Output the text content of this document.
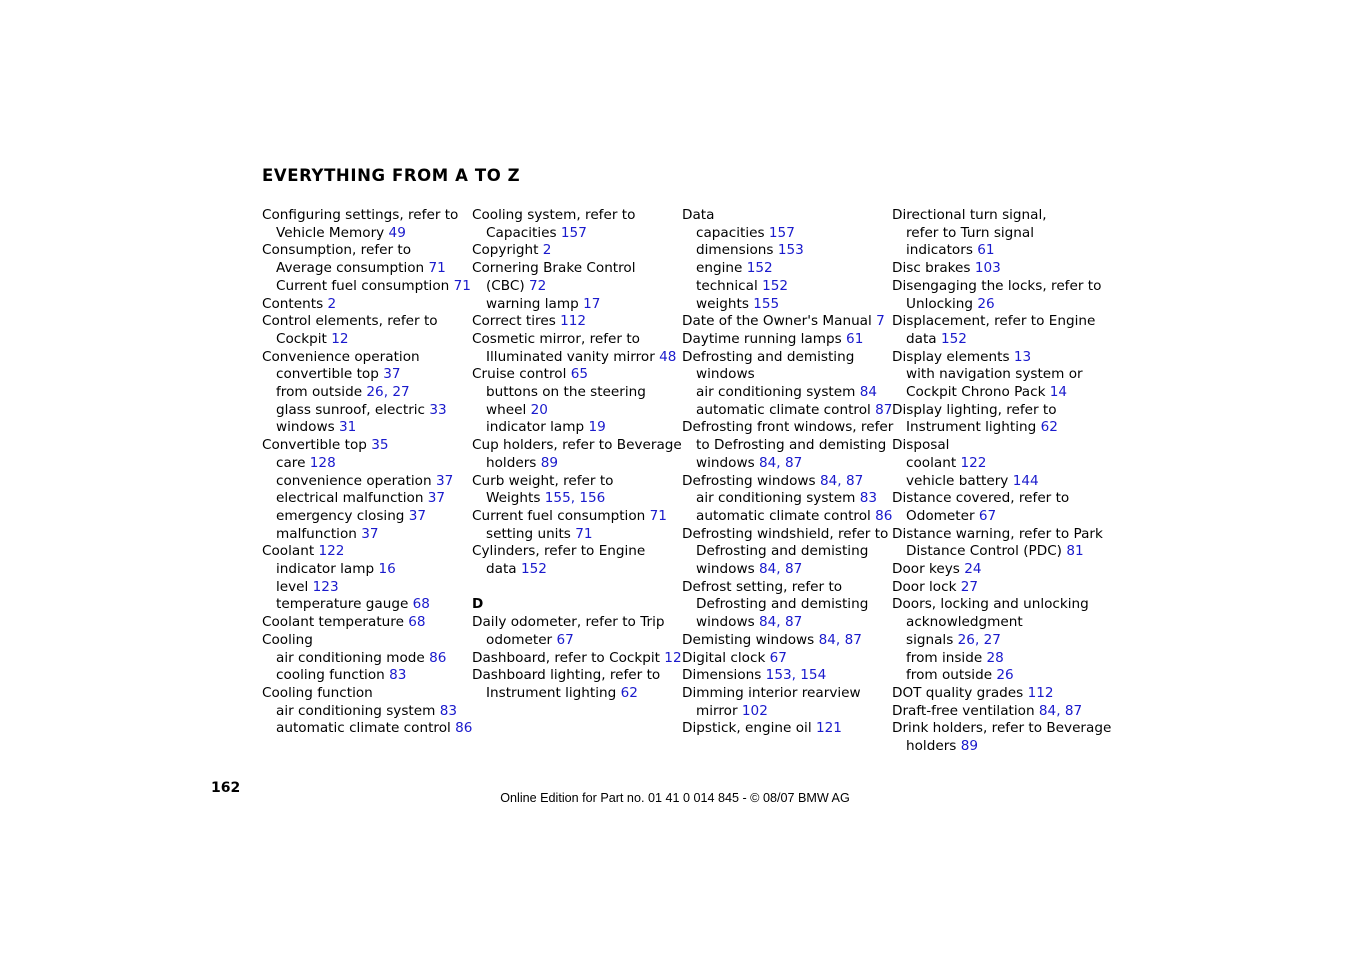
EVERYTHING FROM A TO Z
Configuring settings, refer to
Vehicle Memory 49
Consumption, refer to
Average consumption 71
Current fuel consumption 71
Contents 2
Control elements, refer to
Cockpit 12
Convenience operation
convertible top 37
from outside 26, 27
glass sunroof, electric 33
windows 31
Convertible top 35
care 128
convenience operation 37
electrical malfunction 37
emergency closing 37
malfunction 37
Coolant 122
indicator lamp 16
level 123
temperature gauge 68
Coolant temperature 68
Cooling
air conditioning mode 86
cooling function 83
Cooling function
air conditioning system 83
automatic climate control 86
Cooling system, refer to
Capacities 157
Copyright 2
Cornering Brake Control
(CBC) 72
warning lamp 17
Correct tires 112
Cosmetic mirror, refer to
Illuminated vanity mirror 48
Cruise control 65
buttons on the steering
wheel 20
indicator lamp 19
Cup holders, refer to Beverage
holders 89
Curb weight, refer to
Weights 155, 156
Current fuel consumption 71
setting units 71
Cylinders, refer to Engine
data 152
D
Daily odometer, refer to Trip
odometer 67
Dashboard, refer to Cockpit 12
Dashboard lighting, refer to
Instrument lighting 62
Data
capacities 157
dimensions 153
engine 152
technical 152
weights 155
Date of the Owner's Manual 7
Daytime running lamps 61
Defrosting and demisting
windows
air conditioning system 84
automatic climate control 87
Defrosting front windows, refer
to Defrosting and demisting
windows 84, 87
Defrosting windows 84, 87
air conditioning system 83
automatic climate control 86
Defrosting windshield, refer to
Defrosting and demisting
windows 84, 87
Defrost setting, refer to
Defrosting and demisting
windows 84, 87
Demisting windows 84, 87
Digital clock 67
Dimensions 153, 154
Dimming interior rearview
mirror 102
Dipstick, engine oil 121
Directional turn signal,
refer to Turn signal
indicators 61
Disc brakes 103
Disengaging the locks, refer to
Unlocking 26
Displacement, refer to Engine
data 152
Display elements 13
with navigation system or
Cockpit Chrono Pack 14
Display lighting, refer to
Instrument lighting 62
Disposal
coolant 122
vehicle battery 144
Distance covered, refer to
Odometer 67
Distance warning, refer to Park
Distance Control (PDC) 81
Door keys 24
Door lock 27
Doors, locking and unlocking
acknowledgment
signals 26, 27
from inside 28
from outside 26
DOT quality grades 112
Draft-free ventilation 84, 87
Drink holders, refer to Beverage
holders 89
162
Online Edition for Part no. 01 41 0 014 845 - © 08/07 BMW AG
